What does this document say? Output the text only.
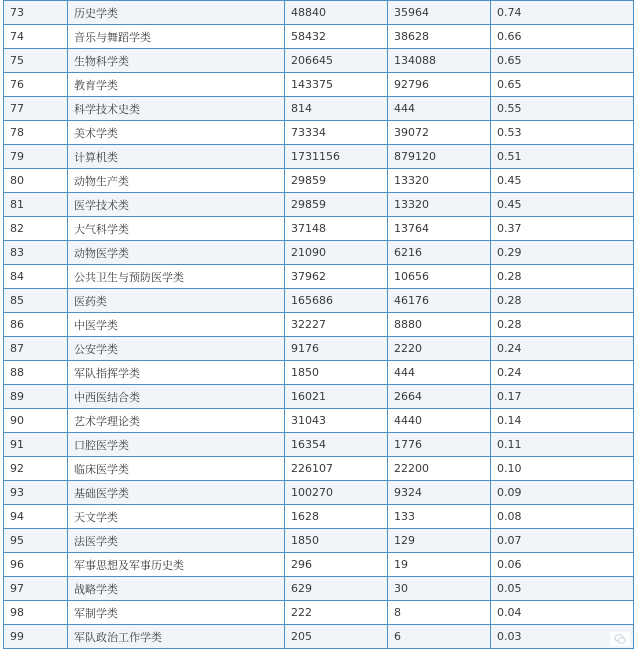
73	历史学类	48840	35964	0.74
74	音乐与舞蹈学类	58432	38628	0.66
75	生物科学类	206645	134088	0.65
76	教育学类	143375	92796	0.65
77	科学技术史类	814	444	0.55
78	美术学类	73334	39072	0.53
79	计算机类	1731156	879120	0.51
80	动物生产类	29859	13320	0.45
81	医学技术类	29859	13320	0.45
82	大气科学类	37148	13764	0.37
83	动物医学类	21090	6216	0.29
84	公共卫生与预防医学类	37962	10656	0.28
85	医药类	165686	46176	0.28
86	中医学类	32227	8880	0.28
87	公安学类	9176	2220	0.24
88	军队指挥学类	1850	444	0.24
89	中西医结合类	16021	2664	0.17
90	艺术学理论类	31043	4440	0.14
91	口腔医学类	16354	1776	0.11
92	临床医学类	226107	22200	0.10
93	基础医学类	100270	9324	0.09
94	天文学类	1628	133	0.08
95	法医学类	1850	129	0.07
96	军事思想及军事历史类	296	19	0.06
97	战略学类	629	30	0.05
98	军制学类	222	8	0.04
99	军队政治工作学类	205	6	0.03
